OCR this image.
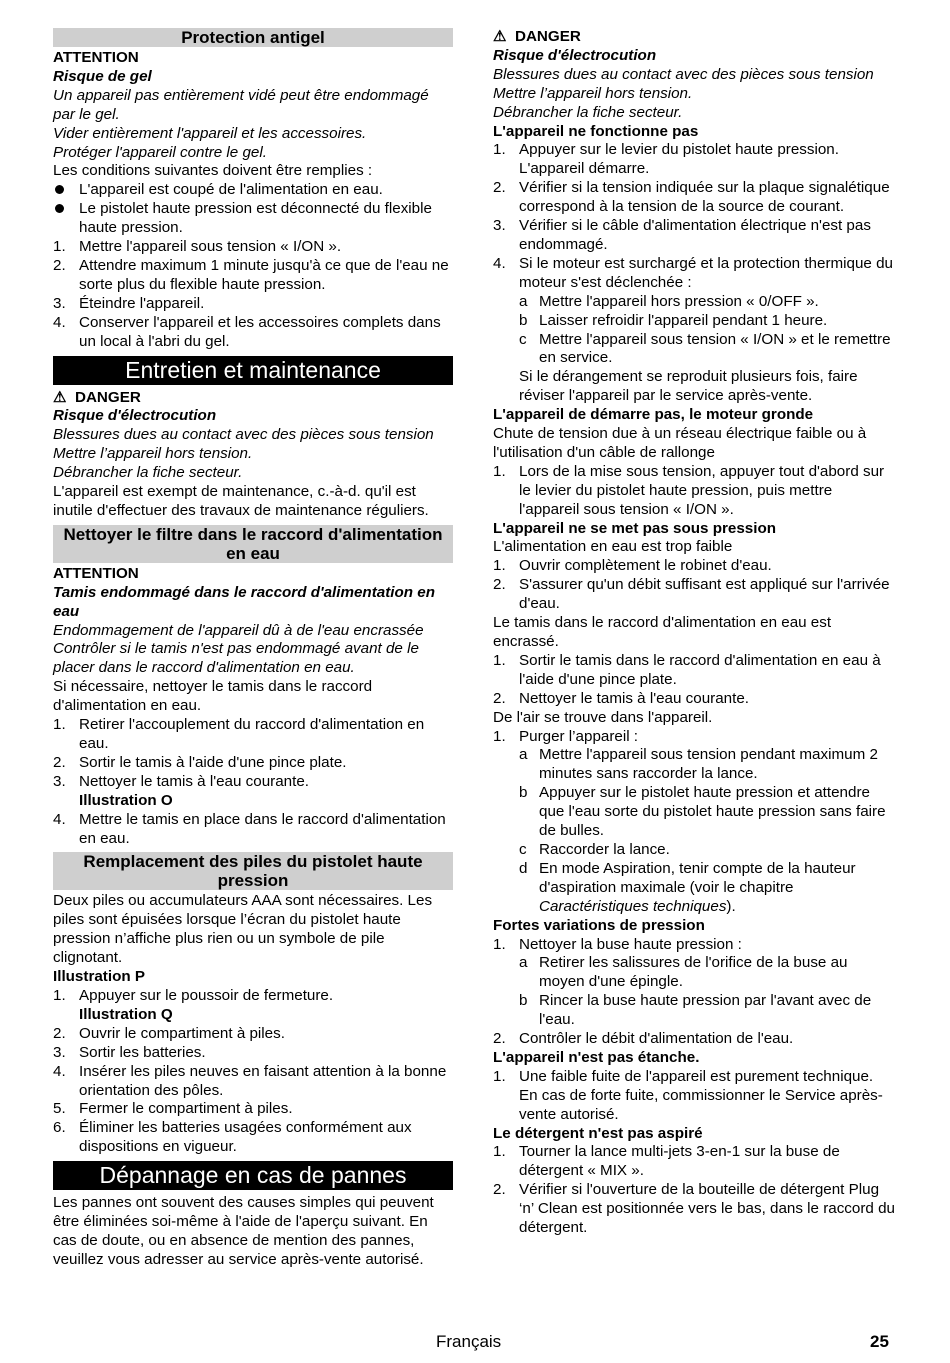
Protection antigel

ATTENTION

Risque de gel

Un appareil pas entièrement vidé peut être endommagé par le gel.

Vider entièrement l'appareil et les accessoires.

Protéger l'appareil contre le gel.

Les conditions suivantes doivent être remplies :

L'appareil est coupé de l'alimentation en eau.
Le pistolet haute pression est déconnecté du flexible haute pression.
1. Mettre l'appareil sous tension « I/ON ».
2. Attendre maximum 1 minute jusqu'à ce que de l'eau ne sorte plus du flexible haute pression.
3. Éteindre l'appareil.
4. Conserver l'appareil et les accessoires complets dans un local à l'abri du gel.
Entretien et maintenance

⚠ DANGER

Risque d'électrocution

Blessures dues au contact avec des pièces sous tension

Mettre l’appareil hors tension.

Débrancher la fiche secteur.

L'appareil est exempt de maintenance, c.-à-d. qu'il est inutile d'effectuer des travaux de maintenance réguliers.

Nettoyer le filtre dans le raccord d'alimentation en eau

ATTENTION

Tamis endommagé dans le raccord d'alimentation en eau

Endommagement de l'appareil dû à de l'eau encrassée

Contrôler si le tamis n'est pas endommagé avant de le placer dans le raccord d'alimentation en eau.

Si nécessaire, nettoyer le tamis dans le raccord d'alimentation en eau.

1. Retirer l'accouplement du raccord d'alimentation en eau.
2. Sortir le tamis à l'aide d'une pince plate.
3. Nettoyer le tamis à l'eau courante.
Illustration O
4. Mettre le tamis en place dans le raccord d'alimentation en eau.
Remplacement des piles du pistolet haute pression

Deux piles ou accumulateurs AAA sont nécessaires. Les piles sont épuisées lorsque l’écran du pistolet haute pression n’affiche plus rien ou un symbole de pile clignotant.

Illustration P

1. Appuyer sur le poussoir de fermeture.
Illustration Q
2. Ouvrir le compartiment à piles.
3. Sortir les batteries.
4. Insérer les piles neuves en faisant attention à la bonne orientation des pôles.
5. Fermer le compartiment à piles.
6. Éliminer les batteries usagées conformément aux dispositions en vigueur.
Dépannage en cas de pannes

Les pannes ont souvent des causes simples qui peuvent être éliminées soi-même à l'aide de l'aperçu suivant. En cas de doute, ou en absence de mention des pannes, veuillez vous adresser au service après-vente autorisé.

⚠ DANGER

Risque d'électrocution

Blessures dues au contact avec des pièces sous tension

Mettre l’appareil hors tension.

Débrancher la fiche secteur.

L'appareil ne fonctionne pas

1. Appuyer sur le levier du pistolet haute pression.
L'appareil démarre.
2. Vérifier si la tension indiquée sur la plaque signalétique correspond à la tension de la source de courant.
3. Vérifier si le câble d'alimentation électrique n'est pas endommagé.
4. Si le moteur est surchargé et la protection thermique du moteur s'est déclenchée :
a Mettre l'appareil hors pression « 0/OFF ».
b Laisser refroidir l'appareil pendant 1 heure.
c Mettre l'appareil sous tension « I/ON » et le remettre en service.
Si le dérangement se reproduit plusieurs fois, faire réviser l'appareil par le service après-vente.

L'appareil de démarre pas, le moteur gronde

Chute de tension due à un réseau électrique faible ou à l'utilisation d'un câble de rallonge

1. Lors de la mise sous tension, appuyer tout d'abord sur le levier du pistolet haute pression, puis mettre l'appareil sous tension « I/ON ».

L'appareil ne se met pas sous pression

L'alimentation en eau est trop faible

1. Ouvrir complètement le robinet d'eau.
2. S'assurer qu'un débit suffisant est appliqué sur l'arrivée d'eau.

Le tamis dans le raccord d'alimentation en eau est encrassé.

1. Sortir le tamis dans le raccord d'alimentation en eau à l'aide d'une pince plate.
2. Nettoyer le tamis à l'eau courante.

De l'air se trouve dans l'appareil.

1. Purger l’appareil :
a Mettre l'appareil sous tension pendant maximum 2 minutes sans raccorder la lance.
b Appuyer sur le pistolet haute pression et attendre que l'eau sorte du pistolet haute pression sans faire de bulles.
c Raccorder la lance.
d En mode Aspiration, tenir compte de la hauteur d'aspiration maximale (voir le chapitre Caractéristiques techniques).

Fortes variations de pression

1. Nettoyer la buse haute pression :
a Retirer les salissures de l'orifice de la buse au moyen d'une épingle.
b Rincer la buse haute pression par l'avant avec de l'eau.
2. Contrôler le débit d'alimentation de l'eau.

L'appareil n'est pas étanche.

1. Une faible fuite de l'appareil est purement technique. En cas de forte fuite, commissionner le Service après-vente autorisé.

Le détergent n'est pas aspiré

1. Tourner la lance multi-jets 3-en-1 sur la buse de détergent « MIX ».
2. Vérifier si l'ouverture de la bouteille de détergent Plug ‘n’ Clean est positionnée vers le bas, dans le raccord du détergent.
Français	25
